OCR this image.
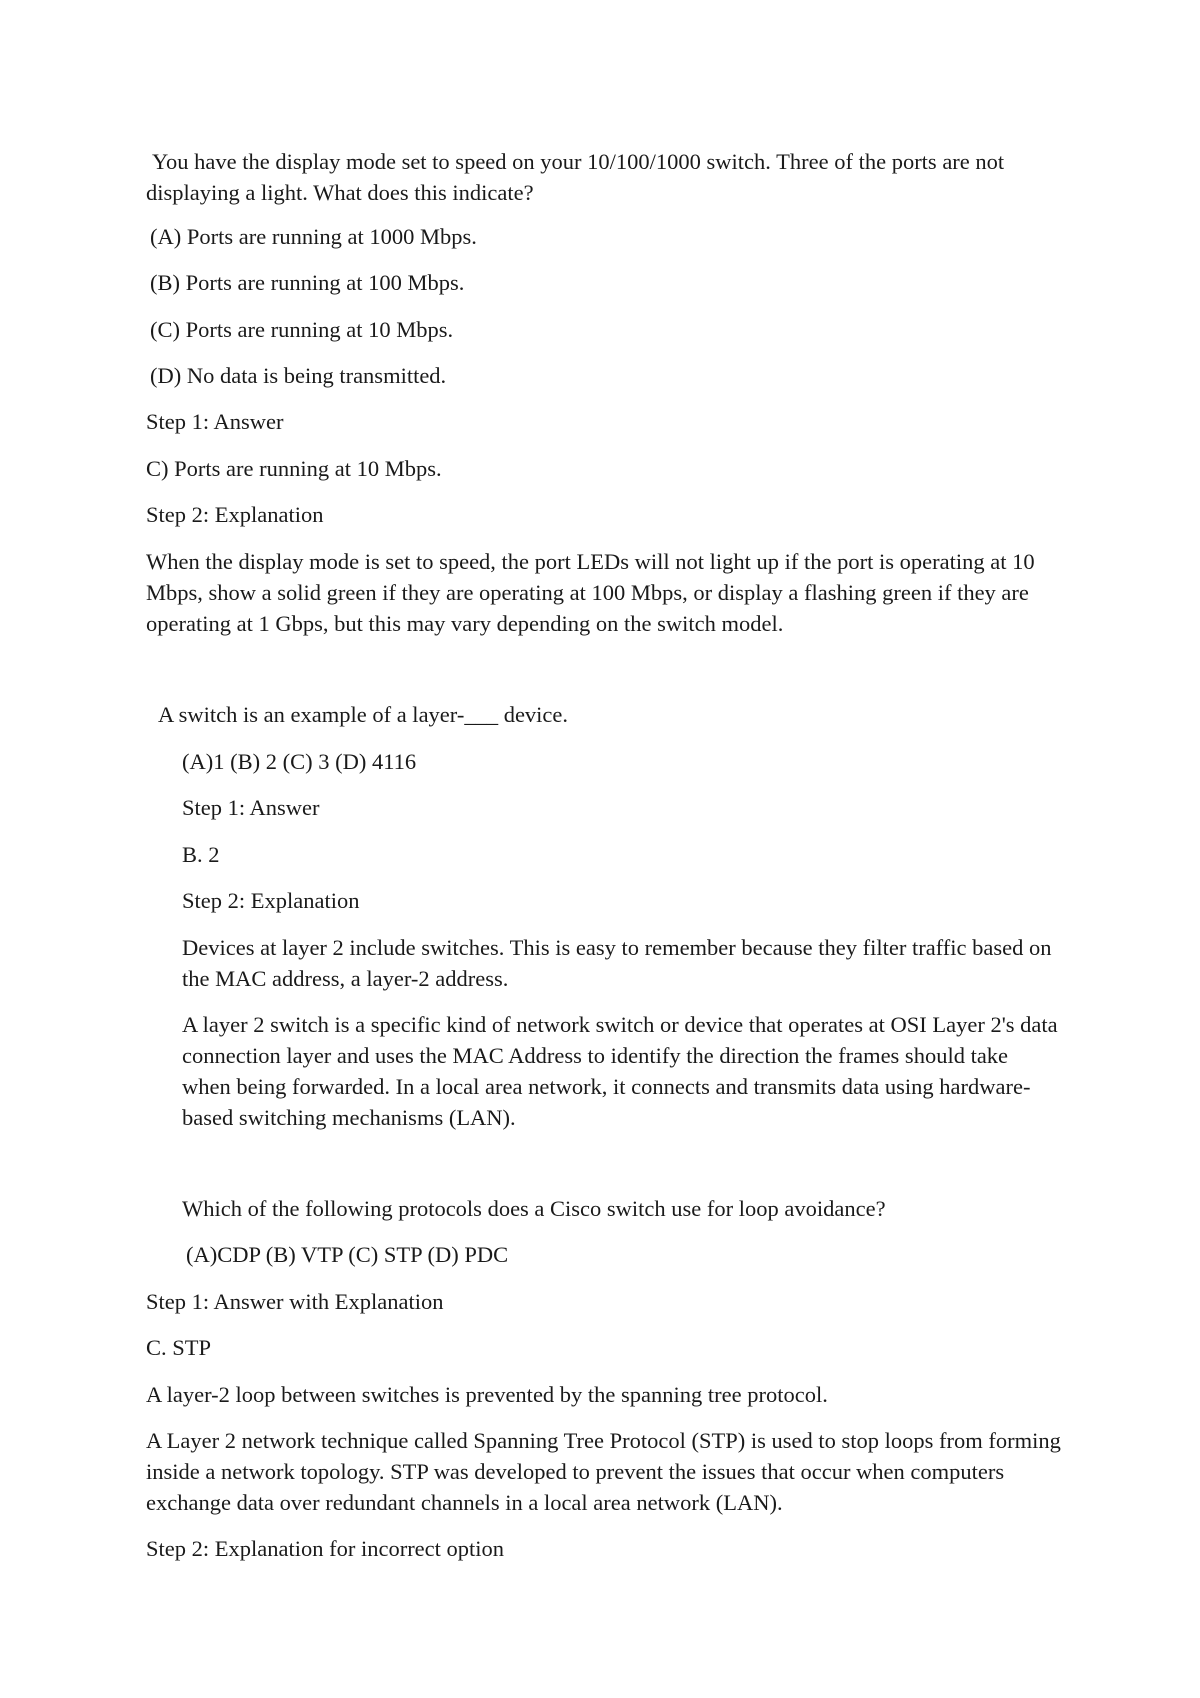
You have the display mode set to speed on your 10/100/1000 switch. Three of the ports are not displaying a light. What does this indicate?

(A) Ports are running at 1000 Mbps.

(B) Ports are running at 100 Mbps.

(C) Ports are running at 10 Mbps.

(D) No data is being transmitted.

Step 1: Answer

C) Ports are running at 10 Mbps.

Step 2: Explanation

When the display mode is set to speed, the port LEDs will not light up if the port is operating at 10 Mbps, show a solid green if they are operating at 100 Mbps, or display a flashing green if they are operating at 1 Gbps, but this may vary depending on the switch model.

A switch is an example of a layer-___ device.

(A)1 (B) 2 (C) 3 (D) 4116

Step 1: Answer

B. 2

Step 2: Explanation

Devices at layer 2 include switches. This is easy to remember because they filter traffic based on the MAC address, a layer-2 address.

A layer 2 switch is a specific kind of network switch or device that operates at OSI Layer 2's data connection layer and uses the MAC Address to identify the direction the frames should take when being forwarded. In a local area network, it connects and transmits data using hardware-based switching mechanisms (LAN).

Which of the following protocols does a Cisco switch use for loop avoidance?

(A)CDP (B) VTP (C) STP (D) PDC

Step 1: Answer with Explanation

C. STP

A layer-2 loop between switches is prevented by the spanning tree protocol.

A Layer 2 network technique called Spanning Tree Protocol (STP) is used to stop loops from forming inside a network topology. STP was developed to prevent the issues that occur when computers exchange data over redundant channels in a local area network (LAN).

Step 2: Explanation for incorrect option
